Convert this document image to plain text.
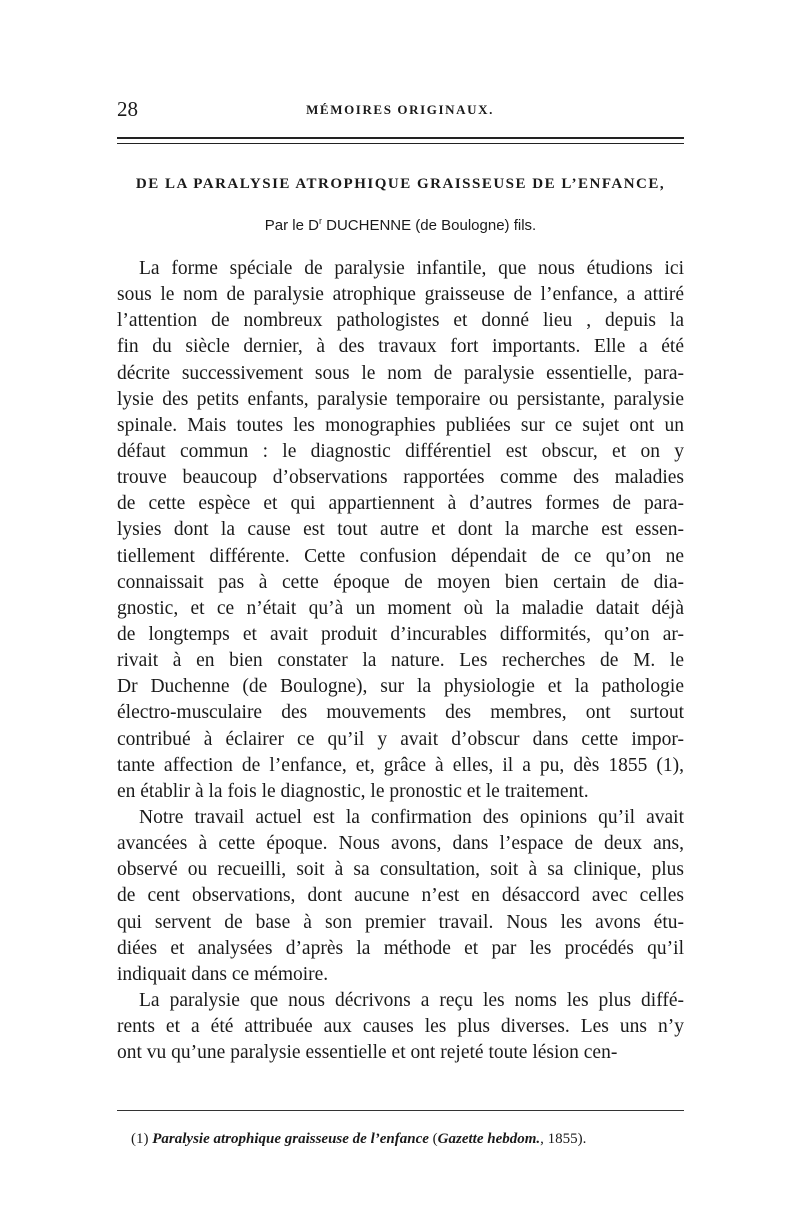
28	MÉMOIRES ORIGINAUX.
DE LA PARALYSIE ATROPHIQUE GRAISSEUSE DE L’ENFANCE,
Par le $D^r$ DUCHENNE (de Boulogne) fils.
La forme spéciale de paralysie infantile, que nous étudions ici
sous le nom de paralysie atrophique graisseuse de l’enfance, a attiré
l’attention de nombreux pathologistes et donné lieu , depuis la
fin du siècle dernier, à des travaux fort importants. Elle a été
décrite successivement sous le nom de paralysie essentielle, para-
lysie des petits enfants, paralysie temporaire ou persistante, paralysie
spinale. Mais toutes les monographies publiées sur ce sujet ont un
défaut commun : le diagnostic différentiel est obscur, et on y
trouve beaucoup d’observations rapportées comme des maladies
de cette espèce et qui appartiennent à d’autres formes de para-
lysies dont la cause est tout autre et dont la marche est essen-
tiellement différente. Cette confusion dépendait de ce qu’on ne
connaissait pas à cette époque de moyen bien certain de dia-
gnostic, et ce n’était qu’à un moment où la maladie datait déjà
de longtemps et avait produit d’incurables difformités, qu’on ar-
rivait à en bien constater la nature. Les recherches de M. le
Dr Duchenne (de Boulogne), sur la physiologie et la pathologie
électro-musculaire des mouvements des membres, ont surtout
contribué à éclairer ce qu’il y avait d’obscur dans cette impor-
tante affection de l’enfance, et, grâce à elles, il a pu, dès 1855 (1),
en établir à la fois le diagnostic, le pronostic et le traitement.
Notre travail actuel est la confirmation des opinions qu’il avait
avancées à cette époque. Nous avons, dans l’espace de deux ans,
observé ou recueilli, soit à sa consultation, soit à sa clinique, plus
de cent observations, dont aucune n’est en désaccord avec celles
qui servent de base à son premier travail. Nous les avons étu-
diées et analysées d’après la méthode et par les procédés qu’il
indiquait dans ce mémoire.
La paralysie que nous décrivons a reçu les noms les plus diffé-
rents et a été attribuée aux causes les plus diverses. Les uns n’y
ont vu qu’une paralysie essentielle et ont rejeté toute lésion cen-
(1) Paralysie atrophique graisseuse de l’enfance (Gazette hebdom., 1855).
